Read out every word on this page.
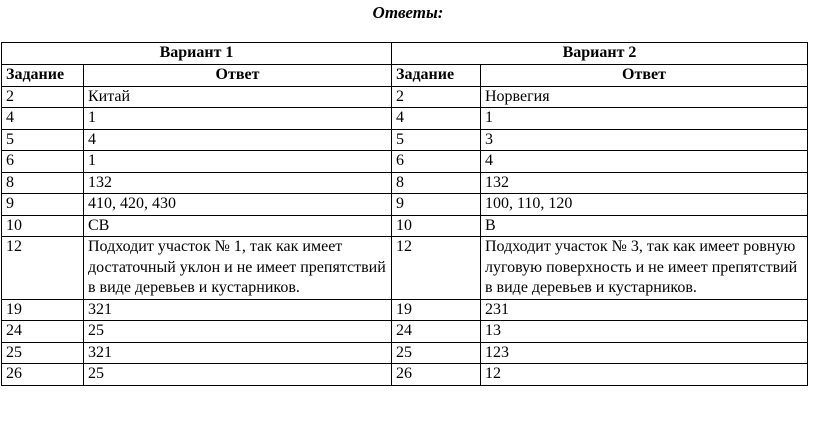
Ответы:
Вариант 1		Вариант 2	
Задание	Ответ	Задание	Ответ
2	Китай	2	Норвегия
4	1	4	1
5	4	5	3
6	1	6	4
8	132	8	132
9	410, 420, 430	9	100, 110, 120
10	СВ	10	В
12	Подходит участок № 1, так как имеет достаточный уклон и не имеет препятствий в виде деревьев и кустарников.	12	Подходит участок № 3, так как имеет ровную луговую поверхность и не имеет препятствий в виде деревьев и кустарников.
19	321	19	231
24	25	24	13
25	321	25	123
26	25	26	12
